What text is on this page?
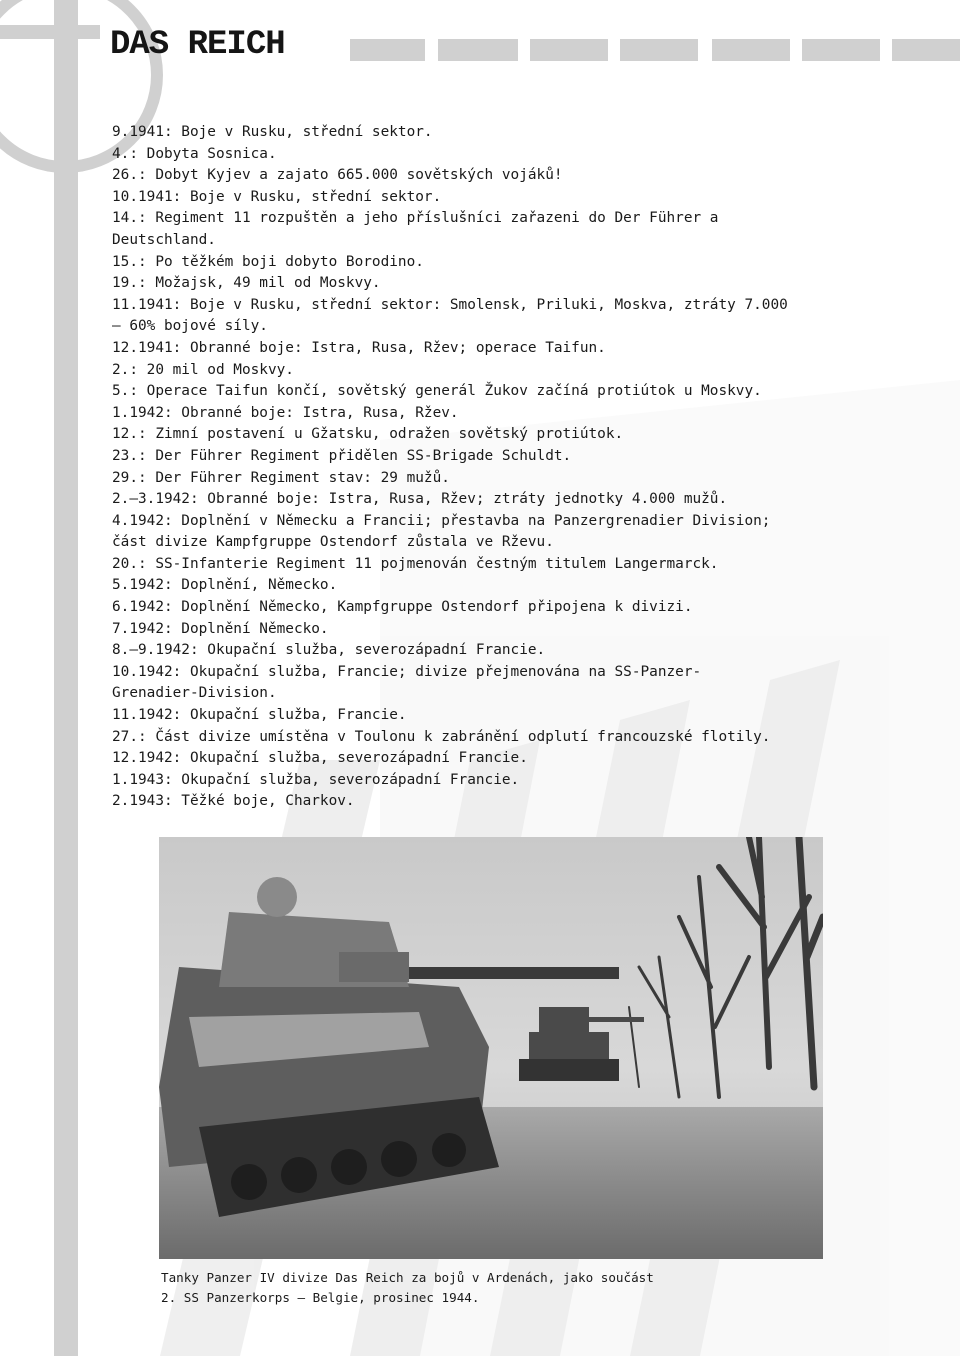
DAS REICH
9.1941: Boje v Rusku, střední sektor.
4.: Dobyta Sosnica.
26.: Dobyt Kyjev a zajato 665.000 sovětských vojáků!
10.1941: Boje v Rusku, střední sektor.
14.: Regiment 11 rozpuštěn a jeho příslušníci zařazeni do Der Führer a
Deutschland.
15.: Po těžkém boji dobyto Borodino.
19.: Možajsk, 49 mil od Moskvy.
11.1941: Boje v Rusku, střední sektor: Smolensk, Priluki, Moskva, ztráty 7.000
– 60% bojové síly.
12.1941: Obranné boje: Istra, Rusa, Ržev; operace Taifun.
2.: 20 mil od Moskvy.
5.: Operace Taifun končí, sovětský generál Žukov začíná protiútok u Moskvy.
1.1942: Obranné boje: Istra, Rusa, Ržev.
12.: Zimní postavení u Gžatsku, odražen sovětský protiútok.
23.: Der Führer Regiment přidělen SS-Brigade Schuldt.
29.: Der Führer Regiment stav: 29 mužů.
2.–3.1942: Obranné boje: Istra, Rusa, Ržev; ztráty jednotky 4.000 mužů.
4.1942: Doplnění v Německu a Francii; přestavba na Panzergrenadier Division;
část divize Kampfgruppe Ostendorf zůstala ve Rževu.
20.: SS-Infanterie Regiment 11 pojmenován čestným titulem Langermarck.
5.1942: Doplnění, Německo.
6.1942: Doplnění Německo, Kampfgruppe Ostendorf připojena k divizi.
7.1942: Doplnění Německo.
8.–9.1942: Okupační služba, severozápadní Francie.
10.1942: Okupační služba, Francie; divize přejmenována na SS-Panzer-
Grenadier-Division.
11.1942: Okupační služba, Francie.
27.: Část divize umístěna v Toulonu k zabránění odplutí francouzské flotily.
12.1942: Okupační služba, severozápadní Francie.
1.1943: Okupační služba, severozápadní Francie.
2.1943: Těžké boje, Charkov.

Tanky Panzer IV divize Das Reich za bojů v Ardenách, jako součást
2. SS Panzerkorps – Belgie, prosinec 1944.
